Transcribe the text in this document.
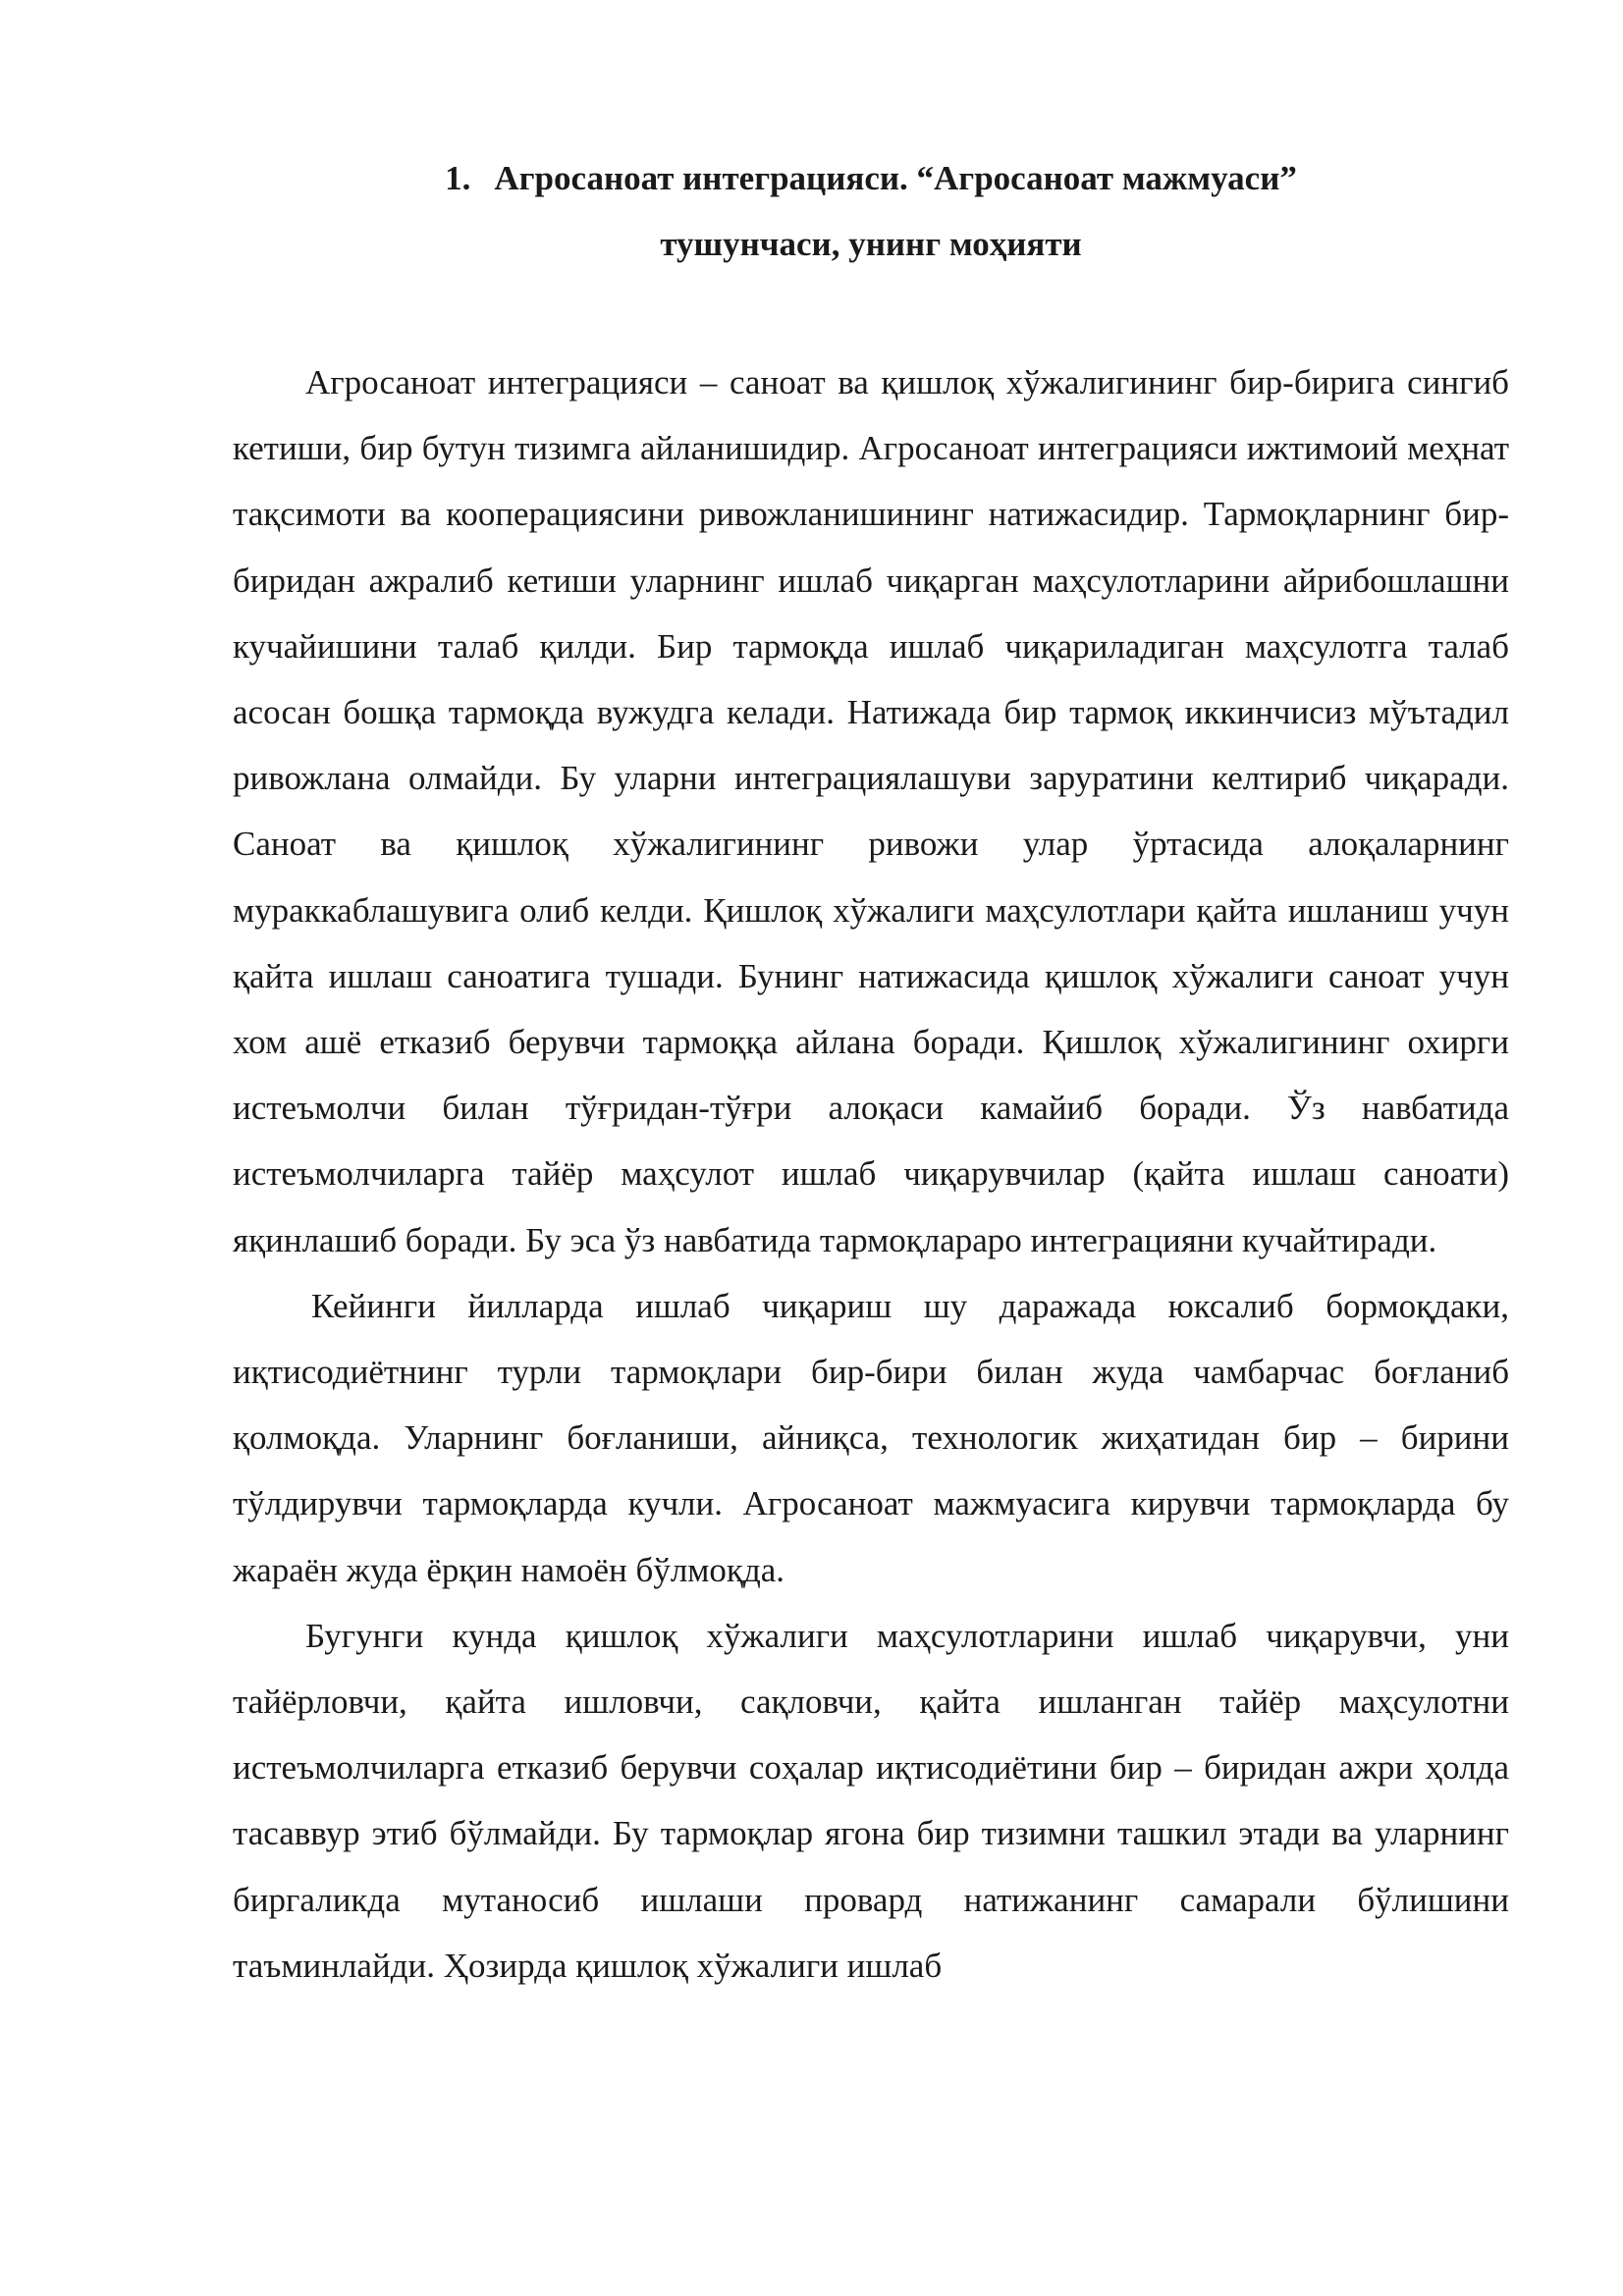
1. Агросаноат интеграцияси. “Агросаноат мажмуаси”
тушунчаси, унинг моҳияти

Агросаноат интеграцияси – саноат ва қишлоқ хўжалигининг бир-бирига сингиб кетиши, бир бутун тизимга айланишидир. Агросаноат интеграцияси ижтимоий меҳнат тақсимоти ва кооперациясини ривожланишининг натижасидир. Тармоқларнинг бир-биридан ажралиб кетиши уларнинг ишлаб чиқарган маҳсулотларини айрибошлашни кучайишини талаб қилди. Бир тармоқда ишлаб чиқариладиган маҳсулотга талаб асосан бошқа тармоқда вужудга келади. Натижада бир тармоқ иккинчисиз мўътадил ривожлана олмайди. Бу уларни интеграциялашуви заруратини келтириб чиқаради. Саноат ва қишлоқ хўжалигининг ривожи улар ўртасида алоқаларнинг мураккаблашувига олиб келди. Қишлоқ хўжалиги маҳсулотлари қайта ишланиш учун қайта ишлаш саноатига тушади. Бунинг натижасида қишлоқ хўжалиги саноат учун хом ашё етказиб берувчи тармоққа айлана боради. Қишлоқ хўжалигининг охирги истеъмолчи билан тўғридан-тўғри алоқаси камайиб боради. Ўз навбатида истеъмолчиларга тайёр маҳсулот ишлаб чиқарувчилар (қайта ишлаш саноати) яқинлашиб боради. Бу эса ўз навбатида тармоқлараро интеграцияни кучайтиради.

Кейинги йилларда ишлаб чиқариш шу даражада юксалиб бормоқдаки, иқтисодиётнинг турли тармоқлари бир-бири билан жуда чамбарчас боғланиб қолмоқда. Уларнинг боғланиши, айниқса, технологик жиҳатидан бир – бирини тўлдирувчи тармоқларда кучли. Агросаноат мажмуасига кирувчи тармоқларда бу жараён жуда ёрқин намоён бўлмоқда.

Бугунги кунда қишлоқ хўжалиги маҳсулотларини ишлаб чиқарувчи, уни тайёрловчи, қайта ишловчи, сақловчи, қайта ишланган тайёр маҳсулотни истеъмолчиларга етказиб берувчи соҳалар иқтисодиётини бир – биридан ажри ҳолда тасаввур этиб бўлмайди. Бу тармоқлар ягона бир тизимни ташкил этади ва уларнинг биргаликда мутаносиб ишлаши провард натижанинг самарали бўлишини таъминлайди. Ҳозирда қишлоқ хўжалиги ишлаб
